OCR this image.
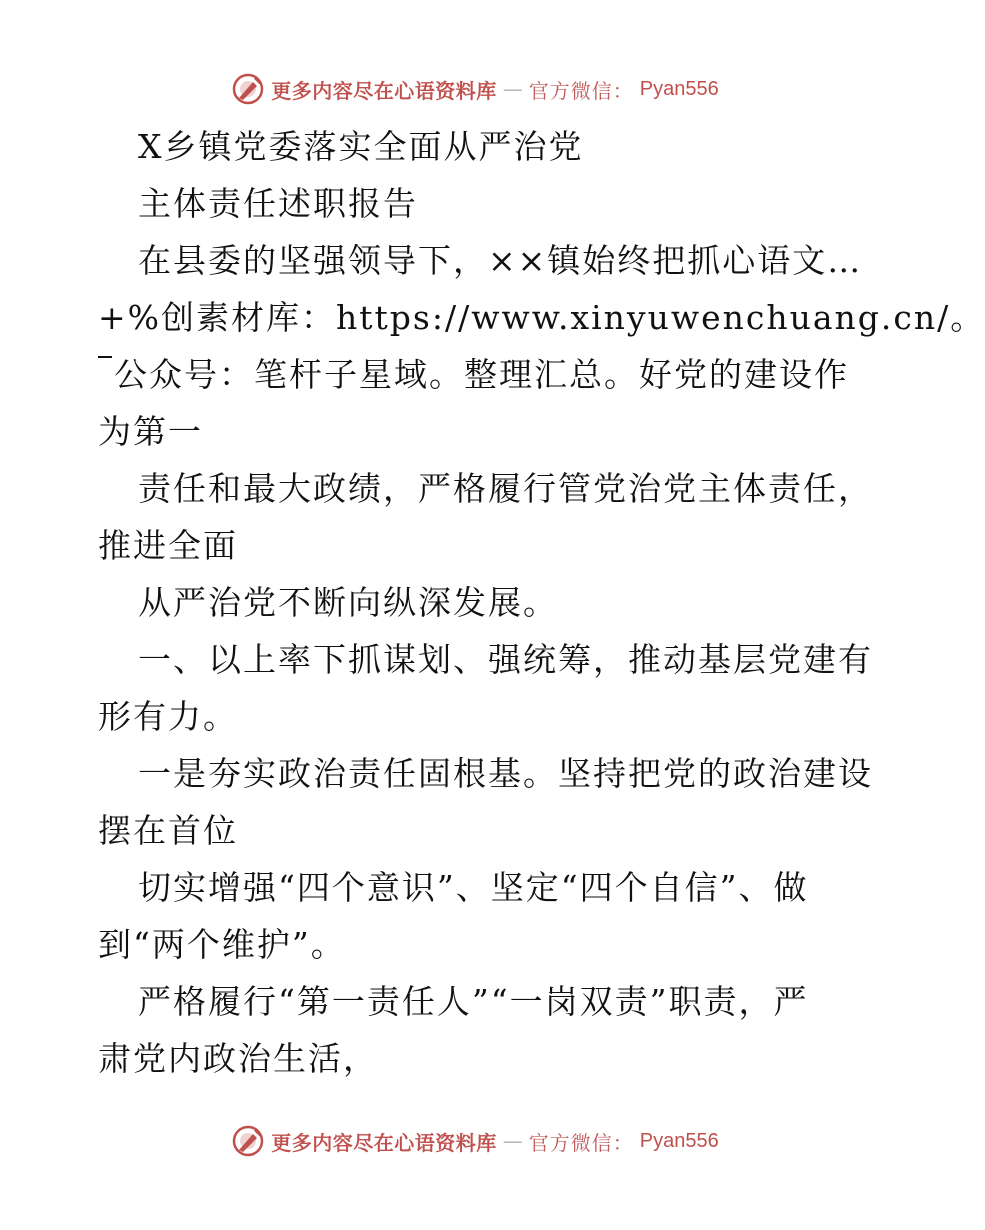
更多内容尽在心语资料库 — 官方微信： Pyan556
X乡镇党委落实全面从严治党
主体责任述职报告
在县委的坚强领导下，××镇始终把抓心语文…
+%创素材库：https://www.xinyuwenchuang.cn/。
公众号：笔杆子星域。整理汇总。好党的建设作
为第一
责任和最大政绩，严格履行管党治党主体责任，
推进全面
从严治党不断向纵深发展。
一、以上率下抓谋划、强统筹，推动基层党建有
形有力。
一是夯实政治责任固根基。坚持把党的政治建设
摆在首位
切实增强“四个意识”、坚定“四个自信”、做
到“两个维护”。
严格履行“第一责任人”“一岗双责”职责，严
肃党内政治生活，
更多内容尽在心语资料库 — 官方微信： Pyan556
